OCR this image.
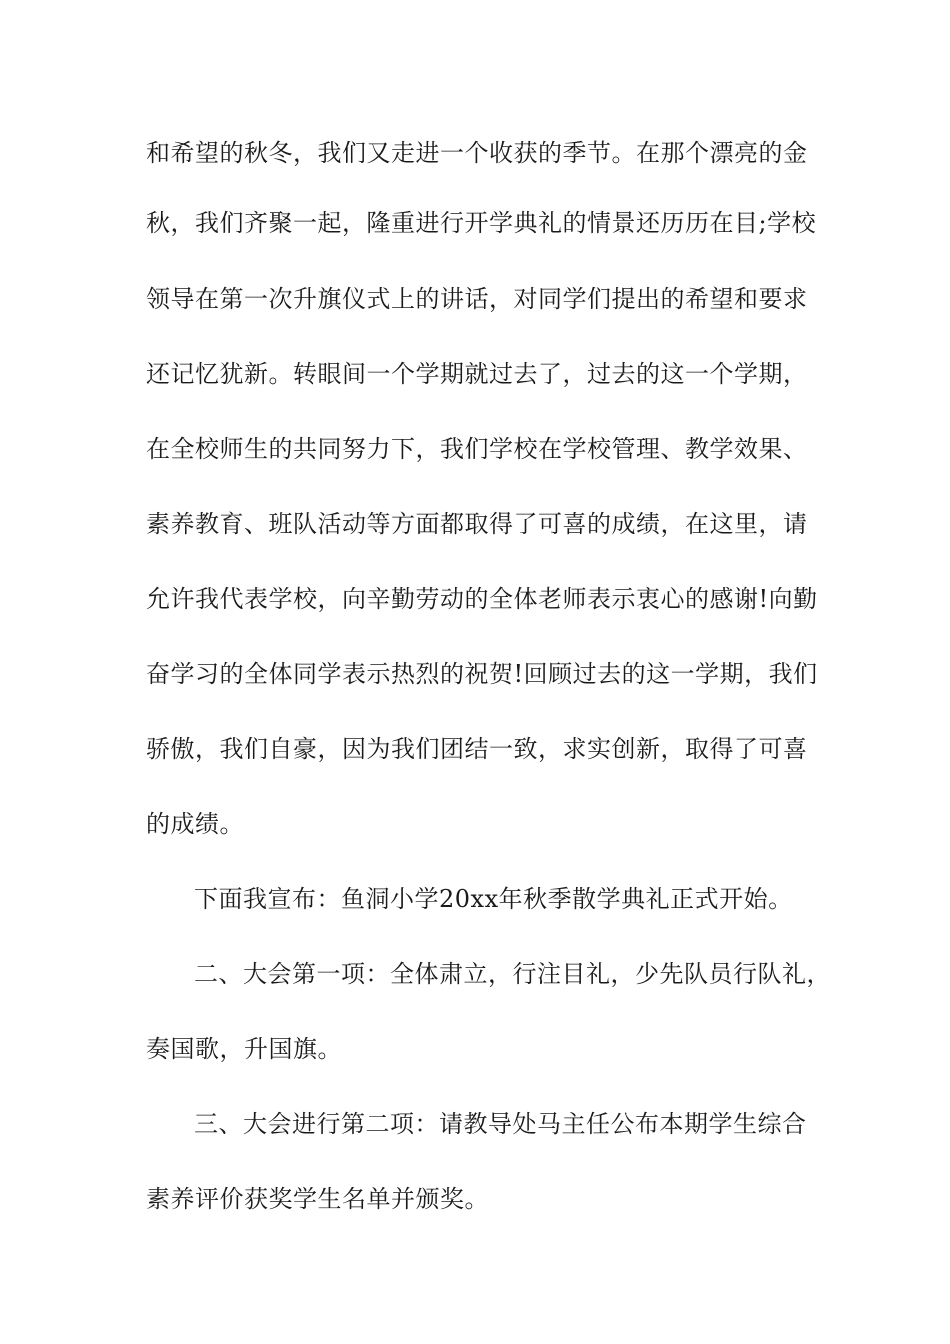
和希望的秋冬，我们又走进一个收获的季节。在那个漂亮的金
秋，我们齐聚一起，隆重进行开学典礼的情景还历历在目;学校
领导在第一次升旗仪式上的讲话，对同学们提出的希望和要求
还记忆犹新。转眼间一个学期就过去了，过去的这一个学期，
在全校师生的共同努力下，我们学校在学校管理、教学效果、
素养教育、班队活动等方面都取得了可喜的成绩，在这里，请
允许我代表学校，向辛勤劳动的全体老师表示衷心的感谢!向勤
奋学习的全体同学表示热烈的祝贺!回顾过去的这一学期，我们
骄傲，我们自豪，因为我们团结一致，求实创新，取得了可喜
的成绩。
下面我宣布：鱼洞小学20xx年秋季散学典礼正式开始。
二、大会第一项：全体肃立，行注目礼，少先队员行队礼，
奏国歌，升国旗。
三、大会进行第二项：请教导处马主任公布本期学生综合
素养评价获奖学生名单并颁奖。
